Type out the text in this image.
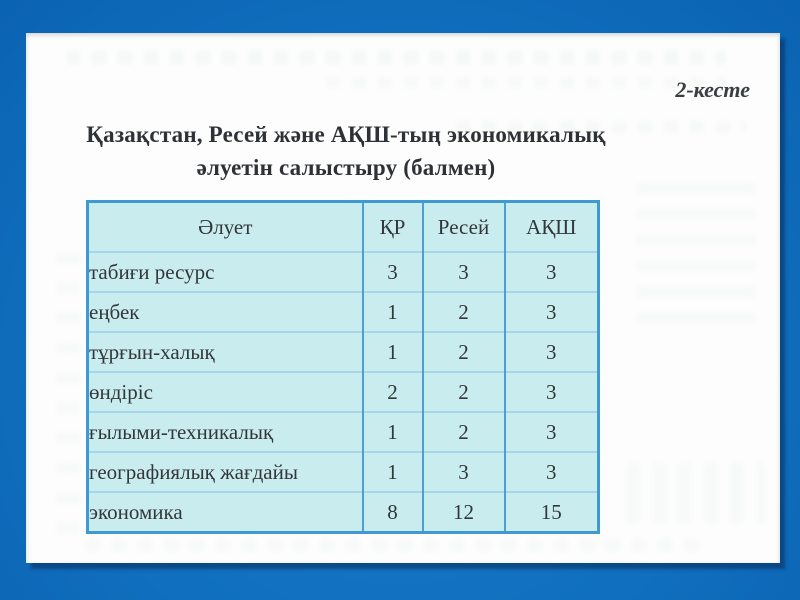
2-кесте
Қазақстан, Ресей және АҚШ-тың экономикалық
әлуетін салыстыру (балмен)
Әлует	ҚР	Ресей	АҚШ
табиғи ресурс	3	3	3
еңбек	1	2	3
тұрғын-халық	1	2	3
өндіріс	2	2	3
ғылыми-техникалық	1	2	3
географиялық жағдайы	1	3	3
экономика	8	12	15
